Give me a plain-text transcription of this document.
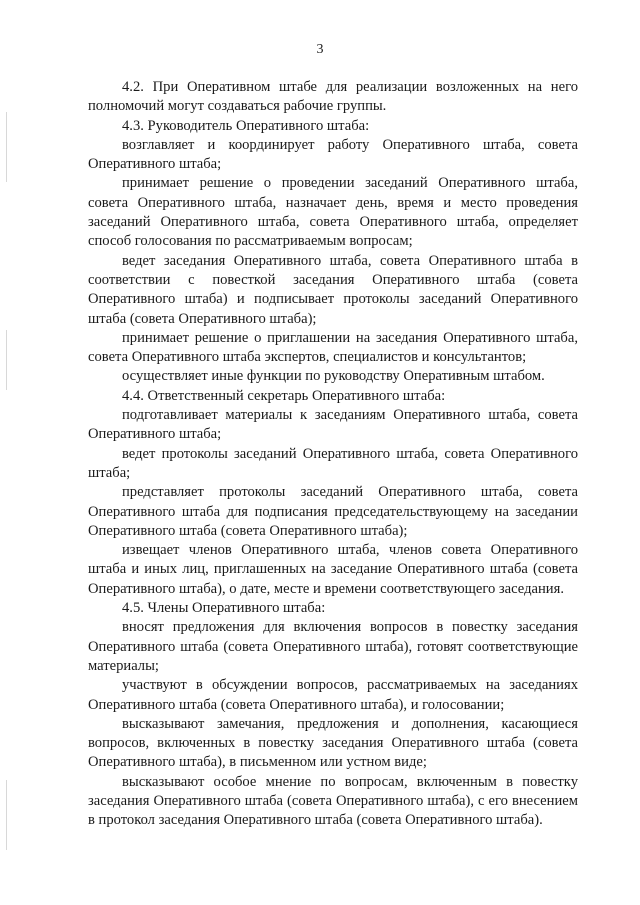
3

4.2. При Оперативном штабе для реализации возложенных на него полномочий могут создаваться рабочие группы.

4.3. Руководитель Оперативного штаба:

возглавляет и координирует работу Оперативного штаба, совета Оперативного штаба;

принимает решение о проведении заседаний Оперативного штаба, совета Оперативного штаба, назначает день, время и место проведения заседаний Оперативного штаба, совета Оперативного штаба, определяет способ голосования по рассматриваемым вопросам;

ведет заседания Оперативного штаба, совета Оперативного штаба в соответствии с повесткой заседания Оперативного штаба (совета Оперативного штаба) и подписывает протоколы заседаний Оперативного штаба (совета Оперативного штаба);

принимает решение о приглашении на заседания Оперативного штаба, совета Оперативного штаба экспертов, специалистов и консультантов;

осуществляет иные функции по руководству Оперативным штабом.

4.4. Ответственный секретарь Оперативного штаба:

подготавливает материалы к заседаниям Оперативного штаба, совета Оперативного штаба;

ведет протоколы заседаний Оперативного штаба, совета Оперативного штаба;

представляет протоколы заседаний Оперативного штаба, совета Оперативного штаба для подписания председательствующему на заседании Оперативного штаба (совета Оперативного штаба);

извещает членов Оперативного штаба, членов совета Оперативного штаба и иных лиц, приглашенных на заседание Оперативного штаба (совета Оперативного штаба), о дате, месте и времени соответствующего заседания.

4.5. Члены Оперативного штаба:

вносят предложения для включения вопросов в повестку заседания Оперативного штаба (совета Оперативного штаба), готовят соответствующие материалы;

участвуют в обсуждении вопросов, рассматриваемых на заседаниях Оперативного штаба (совета Оперативного штаба), и голосовании;

высказывают замечания, предложения и дополнения, касающиеся вопросов, включенных в повестку заседания Оперативного штаба (совета Оперативного штаба), в письменном или устном виде;

высказывают особое мнение по вопросам, включенным в повестку заседания Оперативного штаба (совета Оперативного штаба), с его внесением в протокол заседания Оперативного штаба (совета Оперативного штаба).
